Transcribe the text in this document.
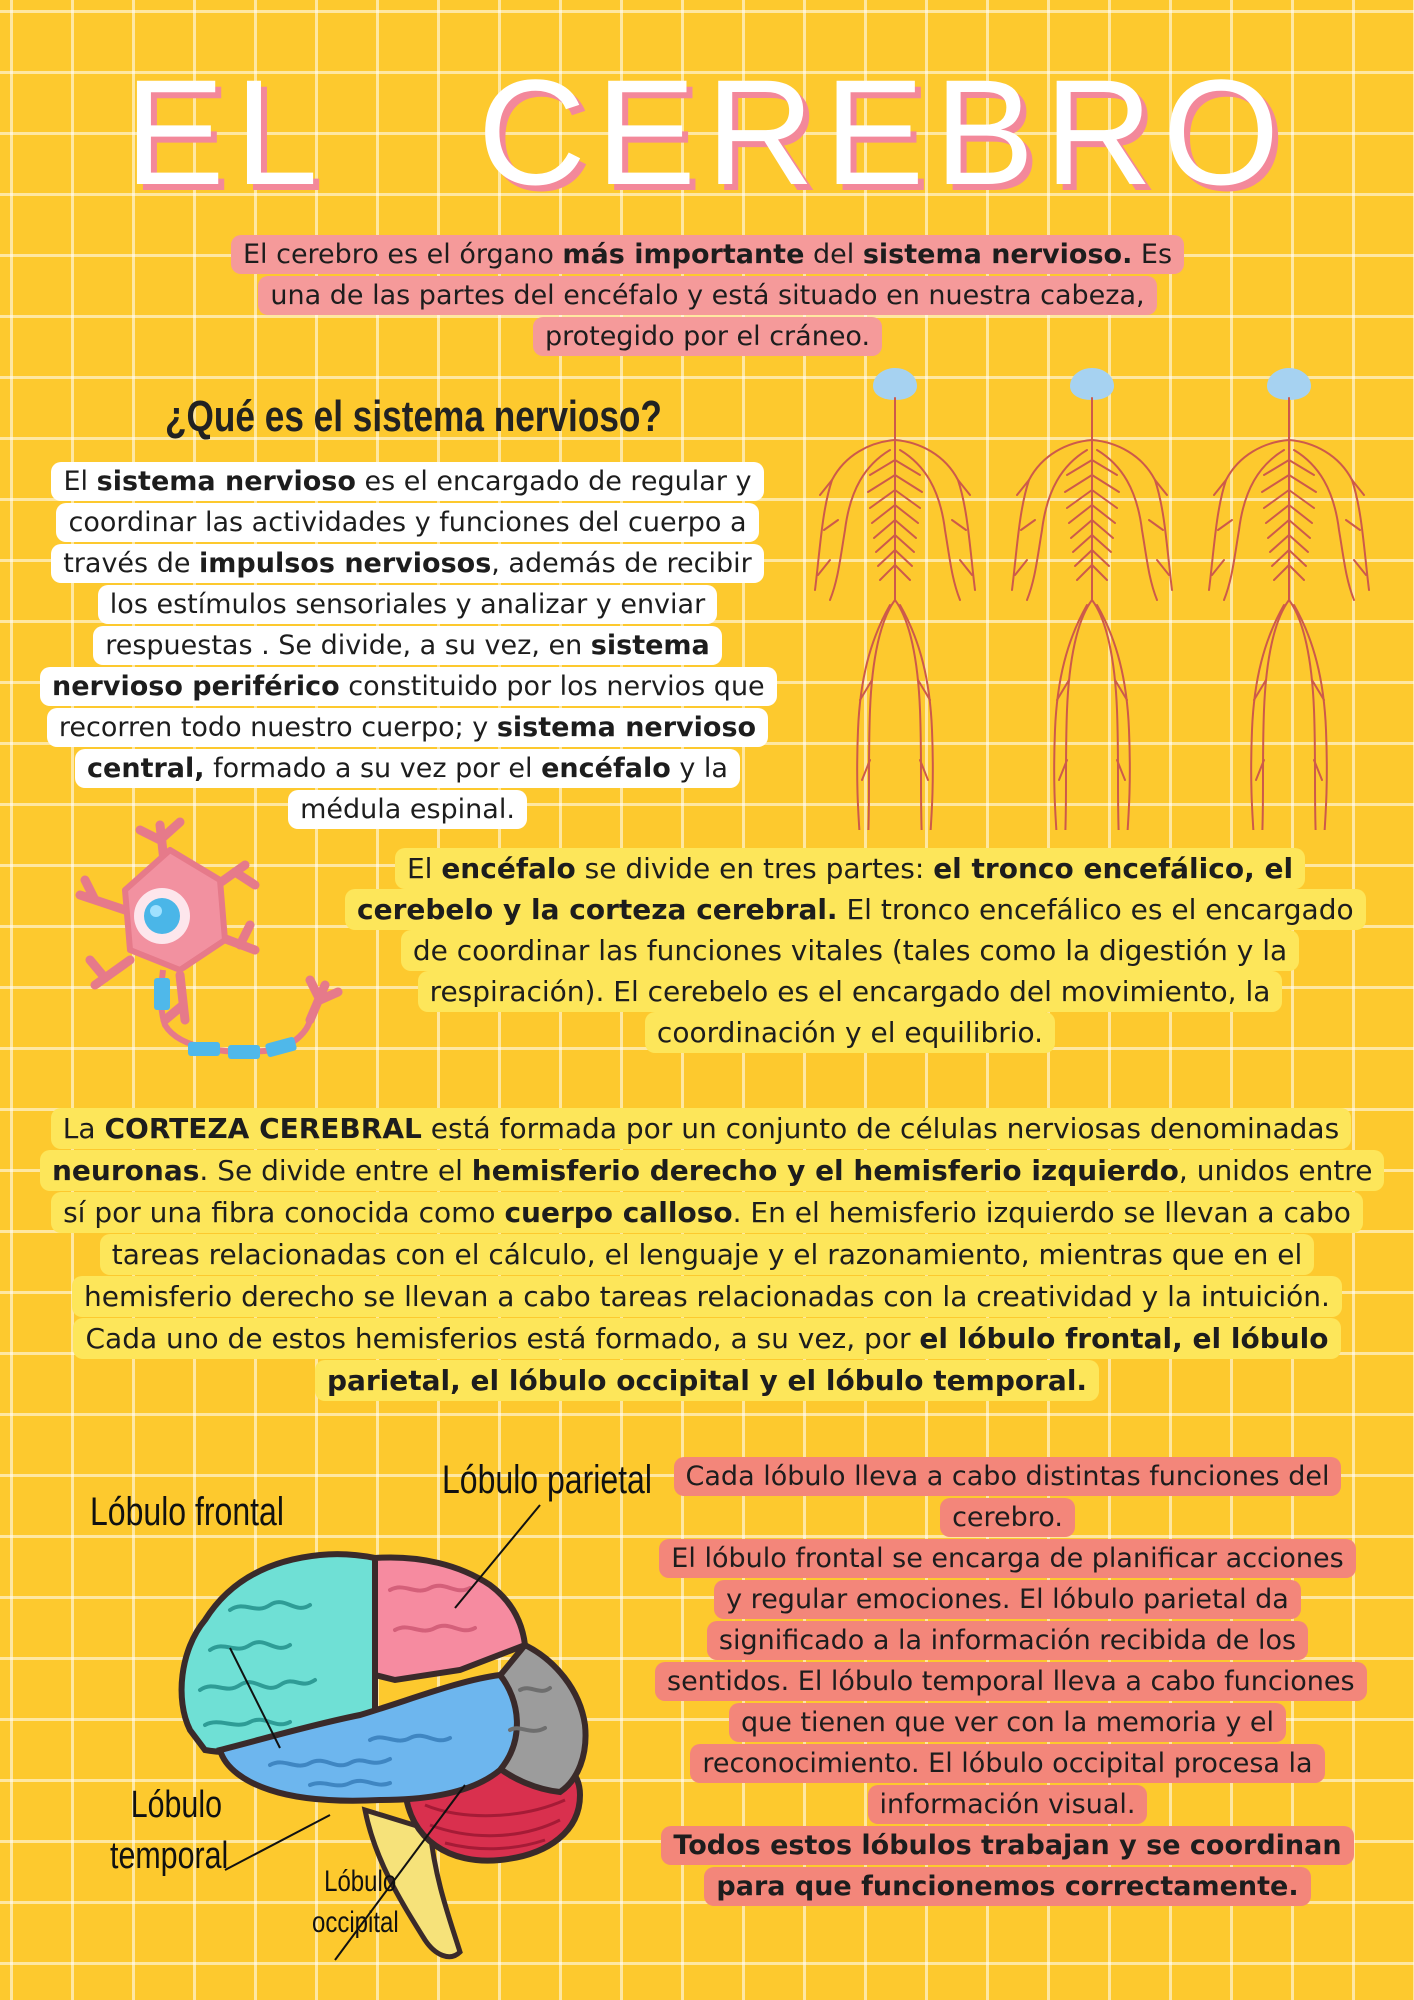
EL   CEREBRO
El cerebro es el órgano más importante del sistema nervioso. Es una de las partes del encéfalo y está situado en nuestra cabeza, protegido por el cráneo.
¿Qué es el sistema nervioso?
El sistema nervioso es el encargado de regular y coordinar las actividades y funciones del cuerpo a través de impulsos nerviosos, además de recibir los estímulos sensoriales y analizar y enviar respuestas . Se divide, a su vez, en sistema nervioso periférico constituido por los nervios que recorren todo nuestro cuerpo; y sistema nervioso central, formado a su vez por el encéfalo y la médula espinal.
El encéfalo se divide en tres partes: el tronco encefálico, el cerebelo y la corteza cerebral. El tronco encefálico es el encargado de coordinar las funciones vitales (tales como la digestión y la respiración). El cerebelo es el encargado del movimiento, la coordinación y el equilibrio.
La CORTEZA CEREBRAL está formada por un conjunto de células nerviosas denominadas neuronas. Se divide entre el hemisferio derecho y el hemisferio izquierdo, unidos entre sí por una fibra conocida como cuerpo calloso. En el hemisferio izquierdo se llevan a cabo tareas relacionadas con el cálculo, el lenguaje y el razonamiento, mientras que en el hemisferio derecho se llevan a cabo tareas relacionadas con la creatividad y la intuición. Cada uno de estos hemisferios está formado, a su vez, por el lóbulo frontal, el lóbulo parietal, el lóbulo occipital y el lóbulo temporal.
Cada lóbulo lleva a cabo distintas funciones del cerebro.
El lóbulo frontal se encarga de planificar acciones y regular emociones. El lóbulo parietal da significado a la información recibida de los sentidos. El lóbulo temporal lleva a cabo funciones que tienen que ver con la memoria y el reconocimiento. El lóbulo occipital procesa la información visual.
Todos estos lóbulos trabajan y se coordinan para que funcionemos correctamente.
Lóbulo frontal
Lóbulo parietal
Lóbulo
temporal
Lóbulo
occipital
